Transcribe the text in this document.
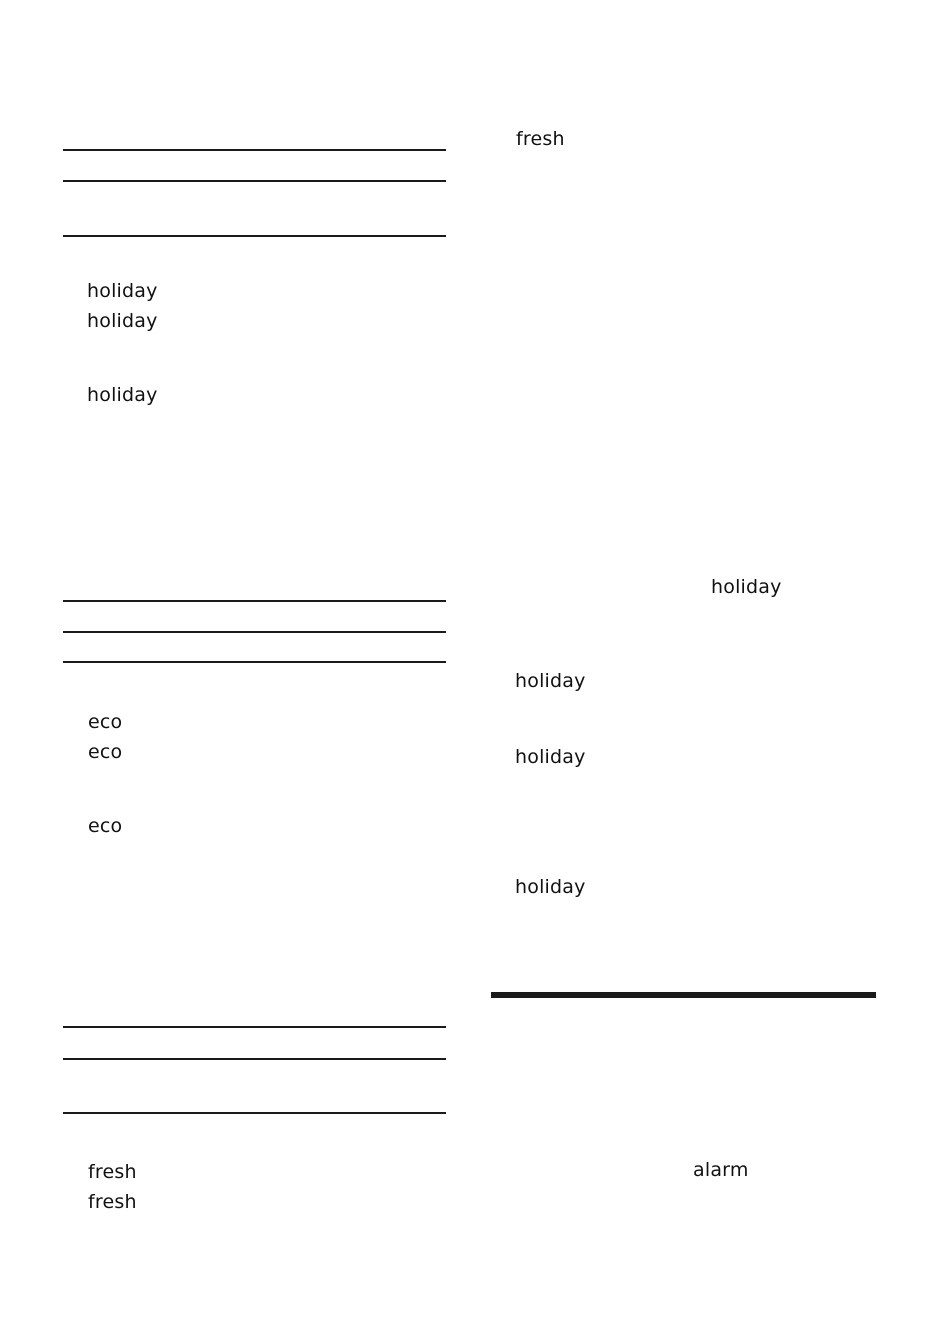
holiday
holiday
holiday
eco
eco
eco
fresh
fresh
fresh
holiday
holiday
holiday
holiday
alarm
